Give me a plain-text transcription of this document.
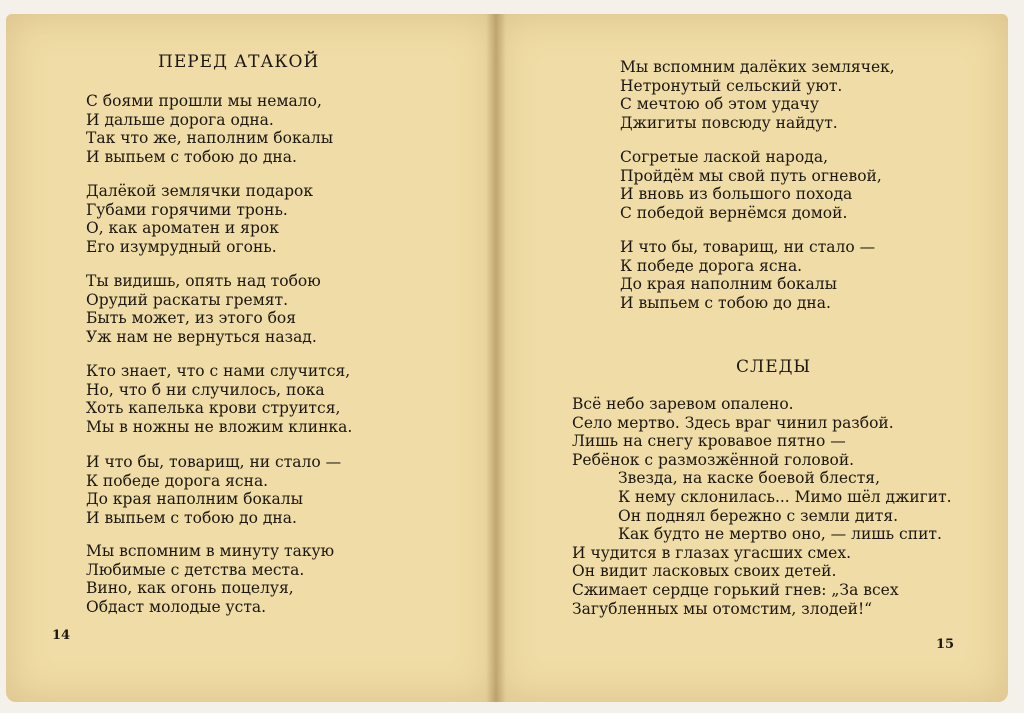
ПЕРЕД АТАКОЙ
С боями прошли мы немало,
И дальше дорога одна.
Так что же, наполним бокалы
И выпьем с тобою до дна.
Далёкой землячки подарок
Губами горячими тронь.
О, как ароматен и ярок
Его изумрудный огонь.
Ты видишь, опять над тобою
Орудий раскаты гремят.
Быть может, из этого боя
Уж нам не вернуться назад.
Кто знает, что с нами случится,
Но, что б ни случилось, пока
Хоть капелька крови струится,
Мы в ножны не вложим клинка.
И что бы, товарищ, ни стало —
К победе дорога ясна.
До края наполним бокалы
И выпьем с тобою до дна.
Мы вспомним в минуту такую
Любимые с детства места.
Вино, как огонь поцелуя,
Обдаст молодые уста.
14
Мы вспомним далёких землячек,
Нетронутый сельский уют.
С мечтою об этом удачу
Джигиты повсюду найдут.
Согретые лаской народа,
Пройдём мы свой путь огневой,
И вновь из большого похода
С победой вернёмся домой.
И что бы, товарищ, ни стало —
К победе дорога ясна.
До края наполним бокалы
И выпьем с тобою до дна.
СЛЕДЫ
Всё небо заревом опалено.
Село мертво. Здесь враг чинил разбой.
Лишь на снегу кровавое пятно —
Ребёнок с размозжённой головой.
Звезда, на каске боевой блестя,
К нему склонилась... Мимо шёл джигит.
Он поднял бережно с земли дитя.
Как будто не мертво оно, — лишь спит.
И чудится в глазах угасших смех.
Он видит ласковых своих детей.
Сжимает сердце горький гнев: „За всех
Загубленных мы отомстим, злодей!“
15
